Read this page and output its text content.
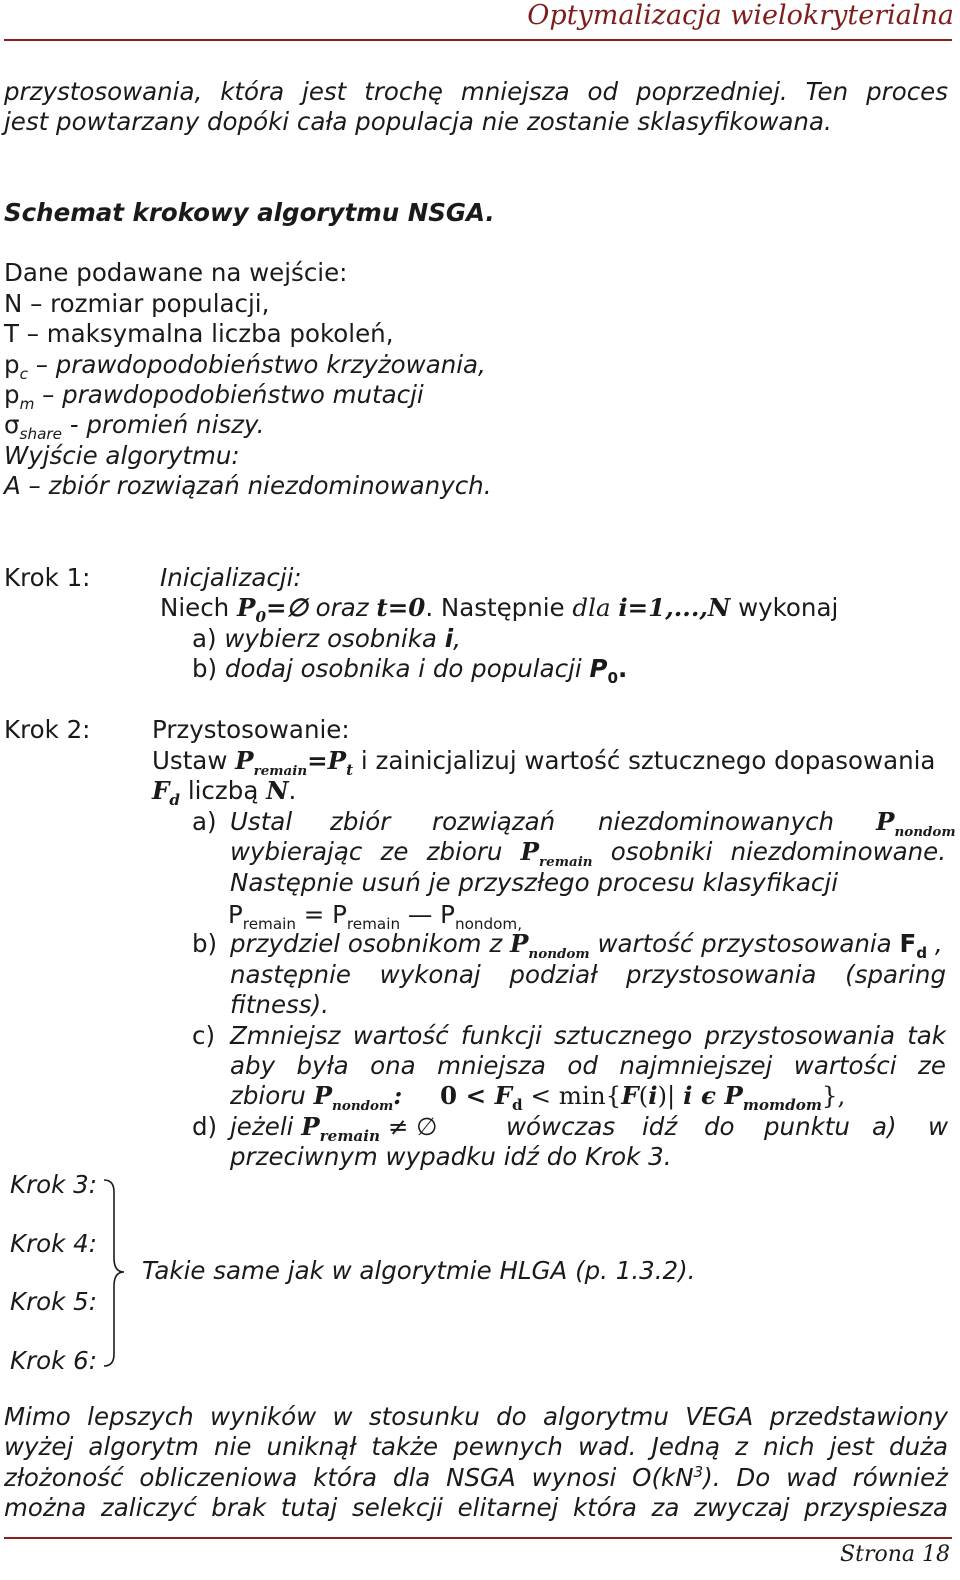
Optymalizacja wielokryterialna
przystosowania, która jest trochę mniejsza od poprzedniej. Ten proces
jest powtarzany dopóki cała populacja nie zostanie sklasyfikowana.
Schemat krokowy algorytmu NSGA.
Dane podawane na wejście:
N – rozmiar populacji,
T – maksymalna liczba pokoleń,
$p_c$ – prawdopodobieństwo krzyżowania,
$p_m$ – prawdopodobieństwo mutacji
$\sigma_{share}$ - promień niszy.
Wyjście algorytmu:
A – zbiór rozwiązań niezdominowanych.
Krok 1:	Inicjalizacji:
Niech $P_0=\emptyset$ oraz t=0. Następnie dla i=1,...,N wykonaj
a) wybierz osobnika i,
b) dodaj osobnika i do populacji $P_0$.
Krok 2:	Przystosowanie:
Ustaw $P_{remain}=P_t$ i zainicjalizuj wartość sztucznego dopasowania
$F_d$ liczbą N.
a) Ustal zbiór rozwiązań niezdominowanych $P_{nondom}$
wybierając ze zbioru $P_{remain}$ osobniki niezdominowane.
Następnie usuń je przyszłego procesu klasyfikacji
$P_{remain} = P_{remain}$ — $P_{nondom,}$
b) przydziel osobnikom z $P_{nondom}$ wartość przystosowania $F_d$ ,
następnie wykonaj podział przystosowania (sparing
fitness).
c) Zmniejsz wartość funkcji sztucznego przystosowania tak
aby była ona mniejsza od najmniejszej wartości ze
zbioru $P_{nondom}$: $0 < F_d < \min\{F(i)|$ i ϵ $P_{momdom}$},
d) jeżeli $P_{remain}$ ≠ ∅	wówczas idź do punktu a) w
przeciwnym wypadku idź do Krok 3.
Krok 3:
Krok 4:
Krok 5:
Krok 6:
Takie same jak w algorytmie HLGA (p. 1.3.2).
Mimo lepszych wyników w stosunku do algorytmu VEGA przedstawiony
wyżej algorytm nie uniknął także pewnych wad. Jedną z nich jest duża
złożoność obliczeniowa która dla NSGA wynosi $O(kN^3)$. Do wad również
można zaliczyć brak tutaj selekcji elitarnej która za zwyczaj przyspiesza
Strona 18
